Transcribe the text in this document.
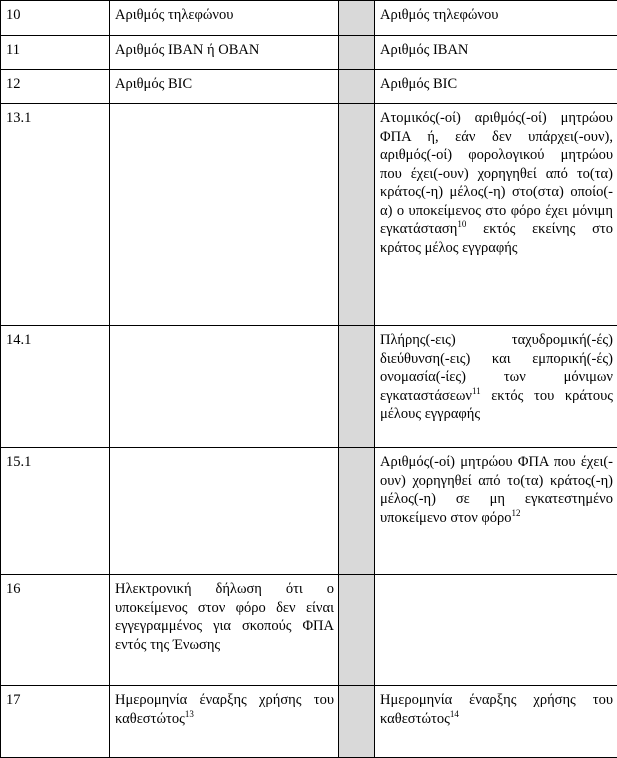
10	Αριθμός τηλεφώνου		Αριθμός τηλεφώνου

11	Αριθμός IBAN ή OBAN		Αριθμός IBAN

12	Αριθμός BIC		Αριθμός BIC

13.1			Ατομικός(-οί) αριθμός(-οί) μητρώου ΦΠΑ ή, εάν δεν υπάρχει(-ουν), αριθμός(-οί) φορολογικού μητρώου που έχει(-ουν) χορηγηθεί από το(τα) κράτος(-η) μέλος(-η) στο(στα) οποίο(-α) ο υποκείμενος στο φόρο έχει μόνιμη εγκατάσταση$^{10}$ εκτός εκείνης στο κράτος μέλος εγγραφής

14.1			Πλήρης(-εις) ταχυδρομική(-ές) διεύθυνση(-εις) και εμπορική(-ές) ονομασία(-ίες) των μόνιμων εγκαταστάσεων$^{11}$ εκτός του κράτους μέλους εγγραφής

15.1			Αριθμός(-οί) μητρώου ΦΠΑ που έχει(-ουν) χορηγηθεί από το(τα) κράτος(-η) μέλος(-η) σε μη εγκατεστημένο υποκείμενο στον φόρο$^{12}$

16	Ηλεκτρονική δήλωση ότι ο υποκείμενος στον φόρο δεν είναι εγγεγραμμένος για σκοπούς ΦΠΑ εντός της Ένωσης		

17	Ημερομηνία έναρξης χρήσης του καθεστώτος$^{13}$		Ημερομηνία έναρξης χρήσης του καθεστώτος$^{14}$
